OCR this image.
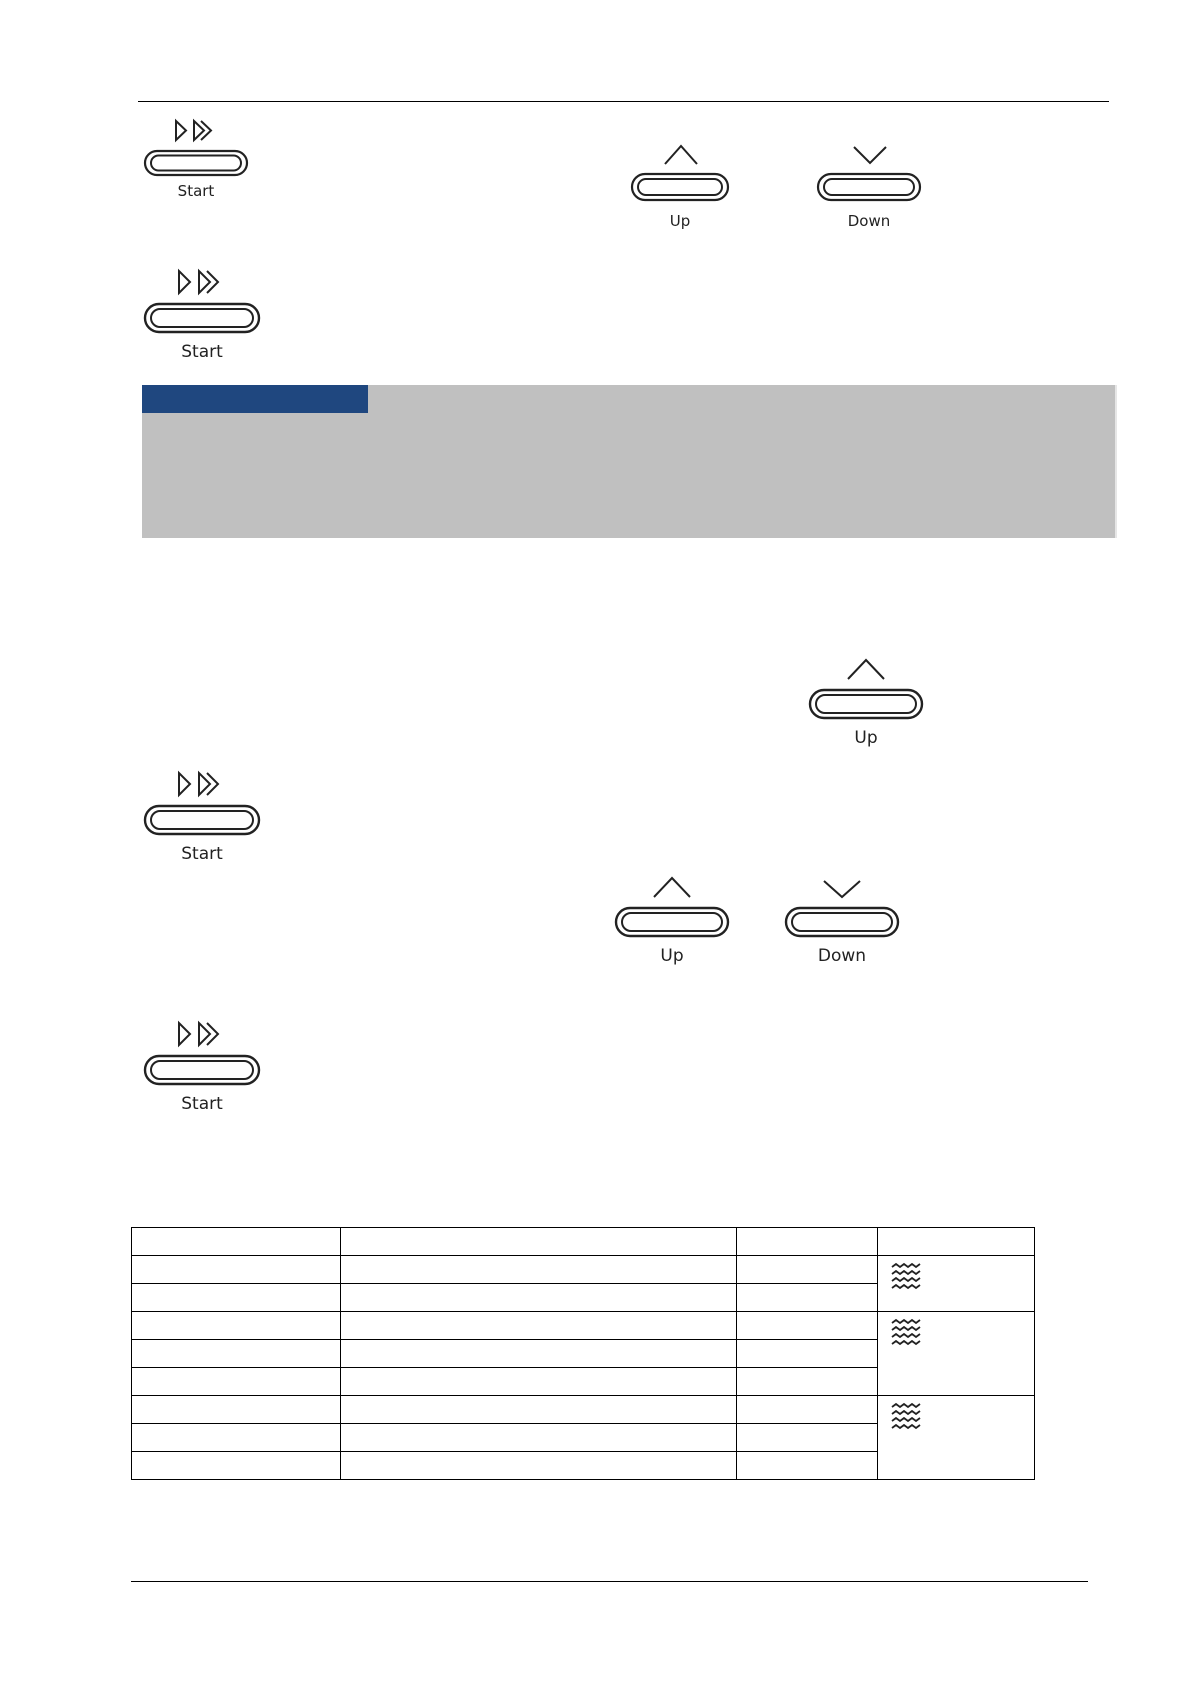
Start
Up	Down
Start
Up
Start
Up	Down
Start
